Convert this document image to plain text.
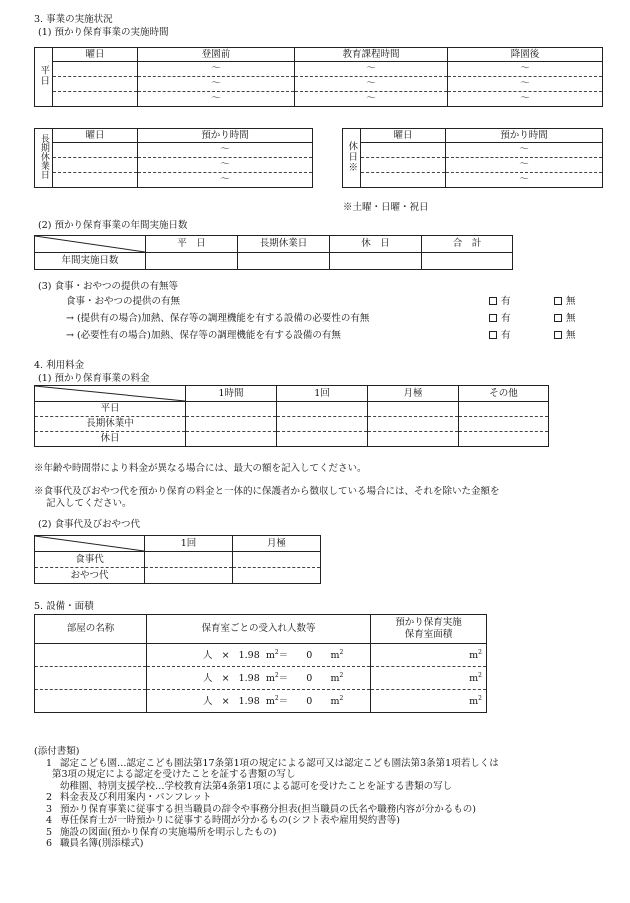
3. 事業の実施状況
(1) 預かり保育事業の実施時間
平日	曜日	登園前	教育課程時間	降園後
		～	～	～
		～	～	～
		～	～	～
長期休業日	曜日	預かり時間
		～
		～
		～
休日※	曜日	預かり時間
		～
		～
		～
※土曜・日曜・祝日
(2) 預かり保育事業の年間実施日数
	平　日	長期休業日	休　日	合　計
年間実施日数				
(3) 食事・おやつの提供の有無等
食事・おやつの提供の有無	有	無
→ (提供有の場合)加熱、保存等の調理機能を有する設備の必要性の有無	有	無
→ (必要性有の場合)加熱、保存等の調理機能を有する設備の有無	有	無
4. 利用料金
(1) 預かり保育事業の料金
	1時間	1回	月極	その他
平日				
長期休業中				
休日				
※年齢や時間帯により料金が異なる場合には、最大の額を記入してください。
※食事代及びおやつ代を預かり保育の料金と一体的に保護者から徴収している場合には、それを除いた金額を
記入してください。
(2) 食事代及びおやつ代
	1回	月極
食事代		
おやつ代		
5. 設備・面積
部屋の名称	保育室ごとの受入れ人数等	預かり保育実施
保育室面積

	人 × 1.98 $m^2= 0$ $m^2$	$m^2$
	人 × 1.98 $m^2= 0$ $m^2$	$m^2$
	人 × 1.98 $m^2= 0$ $m^2$	$m^2$
(添付書類)
1 認定こども園…認定こども園法第17条第1項の規定による認可又は認定こども園法第3条第1項若しくは
第3項の規定による認定を受けたことを証する書類の写し
幼稚園、特別支援学校…学校教育法第4条第1項による認可を受けたことを証する書類の写し
2 料金表及び利用案内・パンフレット
3 預かり保育事業に従事する担当職員の辞令や事務分担表(担当職員の氏名や職務内容が分かるもの)
4 専任保育士が一時預かりに従事する時間が分かるもの(シフト表や雇用契約書等)
5 施設の図面(預かり保育の実施場所を明示したもの)
6 職員名簿(別添様式)
